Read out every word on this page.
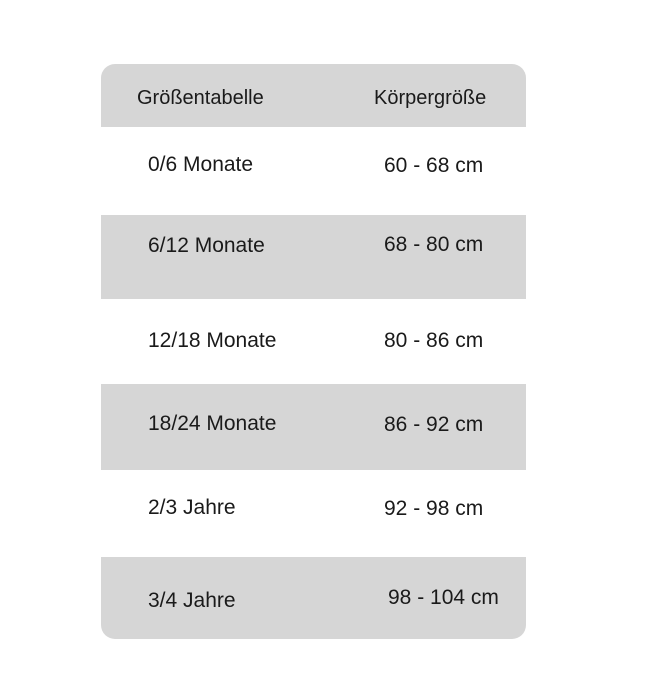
Größentabelle	Körpergröße
0/6 Monate	60 - 68 cm
6/12 Monate	68 - 80 cm
12/18 Monate	80 - 86 cm
18/24 Monate	86 - 92 cm
2/3 Jahre	92 - 98 cm
3/4 Jahre	98 - 104 cm
